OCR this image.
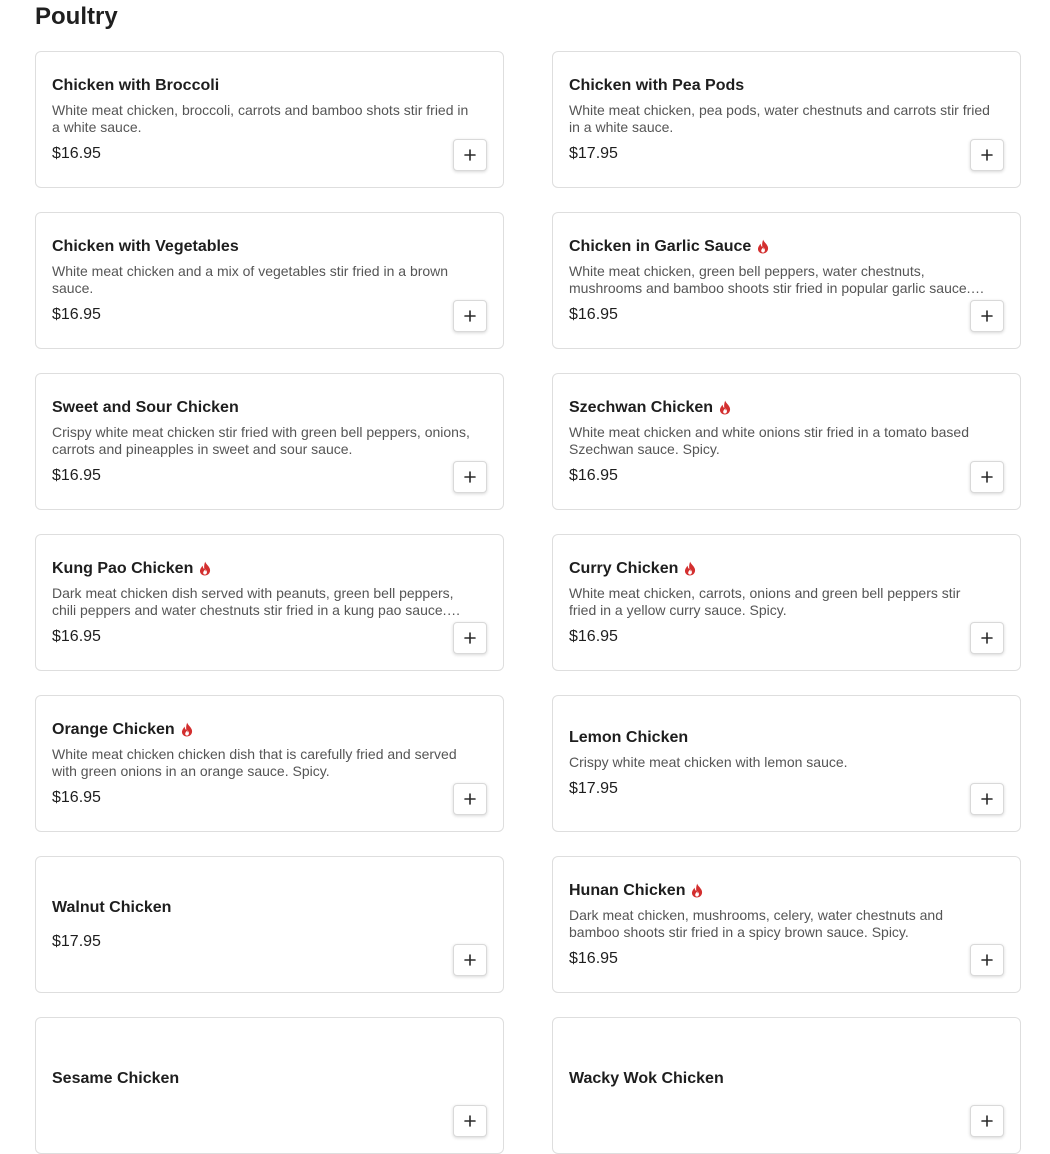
Poultry
Chicken with Broccoli
White meat chicken, broccoli, carrots and bamboo shots stir fried in a white sauce.
$16.95
Chicken with Pea Pods
White meat chicken, pea pods, water chestnuts and carrots stir fried in a white sauce.
$17.95
Chicken with Vegetables
White meat chicken and a mix of vegetables stir fried in a brown sauce.
$16.95
Chicken in Garlic Sauce
White meat chicken, green bell peppers, water chestnuts, mushrooms and bamboo shoots stir fried in popular garlic sauce.
$16.95
Sweet and Sour Chicken
Crispy white meat chicken stir fried with green bell peppers, onions, carrots and pineapples in sweet and sour sauce.
$16.95
Szechwan Chicken
White meat chicken and white onions stir fried in a tomato based Szechwan sauce. Spicy.
$16.95
Kung Pao Chicken
Dark meat chicken dish served with peanuts, green bell peppers, chili peppers and water chestnuts stir fried in a kung pao sauce.
$16.95
Curry Chicken
White meat chicken, carrots, onions and green bell peppers stir fried in a yellow curry sauce. Spicy.
$16.95
Orange Chicken
White meat chicken chicken dish that is carefully fried and served with green onions in an orange sauce. Spicy.
$16.95
Lemon Chicken
Crispy white meat chicken with lemon sauce.
$17.95
Walnut Chicken
$17.95
Hunan Chicken
Dark meat chicken, mushrooms, celery, water chestnuts and bamboo shoots stir fried in a spicy brown sauce. Spicy.
$16.95
Sesame Chicken	Wacky Wok Chicken
